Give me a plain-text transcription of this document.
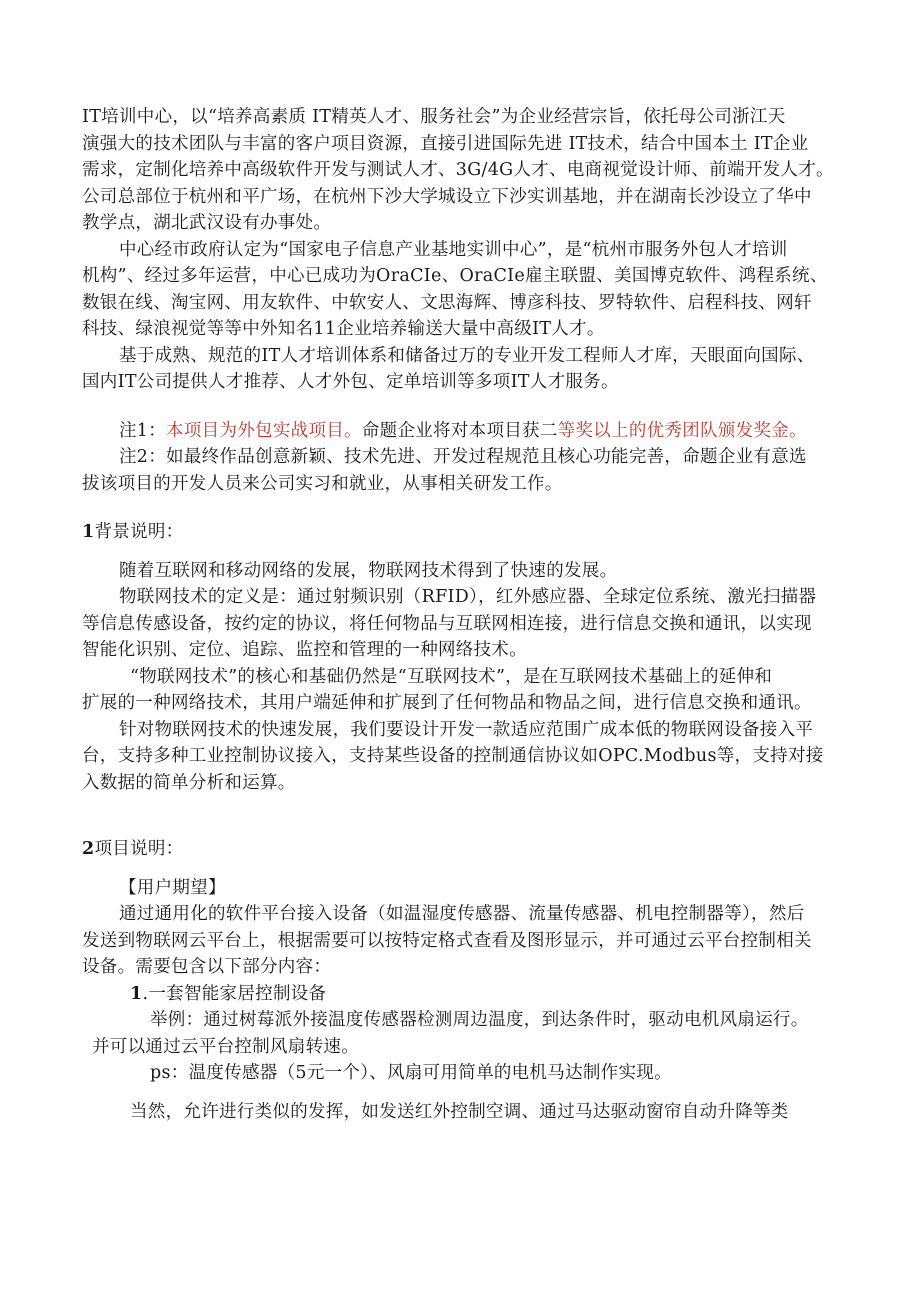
IT培训中心，以“培养高素质 IT精英人才、服务社会”为企业经营宗旨，依托母公司浙江天
演强大的技术团队与丰富的客户项目资源，直接引进国际先进 IT技术，结合中国本土 IT企业
需求，定制化培养中高级软件开发与测试人才、3G/4G人才、电商视觉设计师、前端开发人才。
公司总部位于杭州和平广场，在杭州下沙大学城设立下沙实训基地，并在湖南长沙设立了华中
教学点，湖北武汉设有办事处。
中心经市政府认定为“国家电子信息产业基地实训中心”，是“杭州市服务外包人才培训
机构”、经过多年运营，中心已成功为OraCIe、OraCIe雇主联盟、美国博克软件、鸿程系统、
数银在线、淘宝网、用友软件、中软安人、文思海辉、博彦科技、罗特软件、启程科技、网轩
科技、绿浪视觉等等中外知名11企业培养输送大量中高级IT人才。
基于成熟、规范的IT人才培训体系和储备过万的专业开发工程师人才库，天眼面向国际、
国内IT公司提供人才推荐、人才外包、定单培训等多项IT人才服务。
注1：本项目为外包实战项目。命题企业将对本项目获二等奖以上的优秀团队颁发奖金。
注2：如最终作品创意新颖、技术先进、开发过程规范且核心功能完善，命题企业有意选
拔该项目的开发人员来公司实习和就业，从事相关研发工作。
1背景说明：
随着互联网和移动网络的发展，物联网技术得到了快速的发展。
物联网技术的定义是：通过射频识别（RFID），红外感应器、全球定位系统、激光扫描器
等信息传感设备，按约定的协议，将任何物品与互联网相连接，进行信息交换和通讯，以实现
智能化识别、定位、追踪、监控和管理的一种网络技术。
“物联网技术”的核心和基础仍然是“互联网技术”，是在互联网技术基础上的延伸和
扩展的一种网络技术，其用户端延伸和扩展到了任何物品和物品之间，进行信息交换和通讯。
针对物联网技术的快速发展，我们要设计开发一款适应范围广成本低的物联网设备接入平
台，支持多种工业控制协议接入，支持某些设备的控制通信协议如OPC.Modbus等，支持对接
入数据的简单分析和运算。
2项目说明：
【用户期望】
通过通用化的软件平台接入设备（如温湿度传感器、流量传感器、机电控制器等），然后
发送到物联网云平台上，根据需要可以按特定格式查看及图形显示，并可通过云平台控制相关
设备。需要包含以下部分内容：
1.一套智能家居控制设备
举例：通过树莓派外接温度传感器检测周边温度，到达条件时，驱动电机风扇运行。
并可以通过云平台控制风扇转速。
ps：温度传感器（5元一个）、风扇可用简单的电机马达制作实现。
当然，允许进行类似的发挥，如发送红外控制空调、通过马达驱动窗帘自动升降等类
